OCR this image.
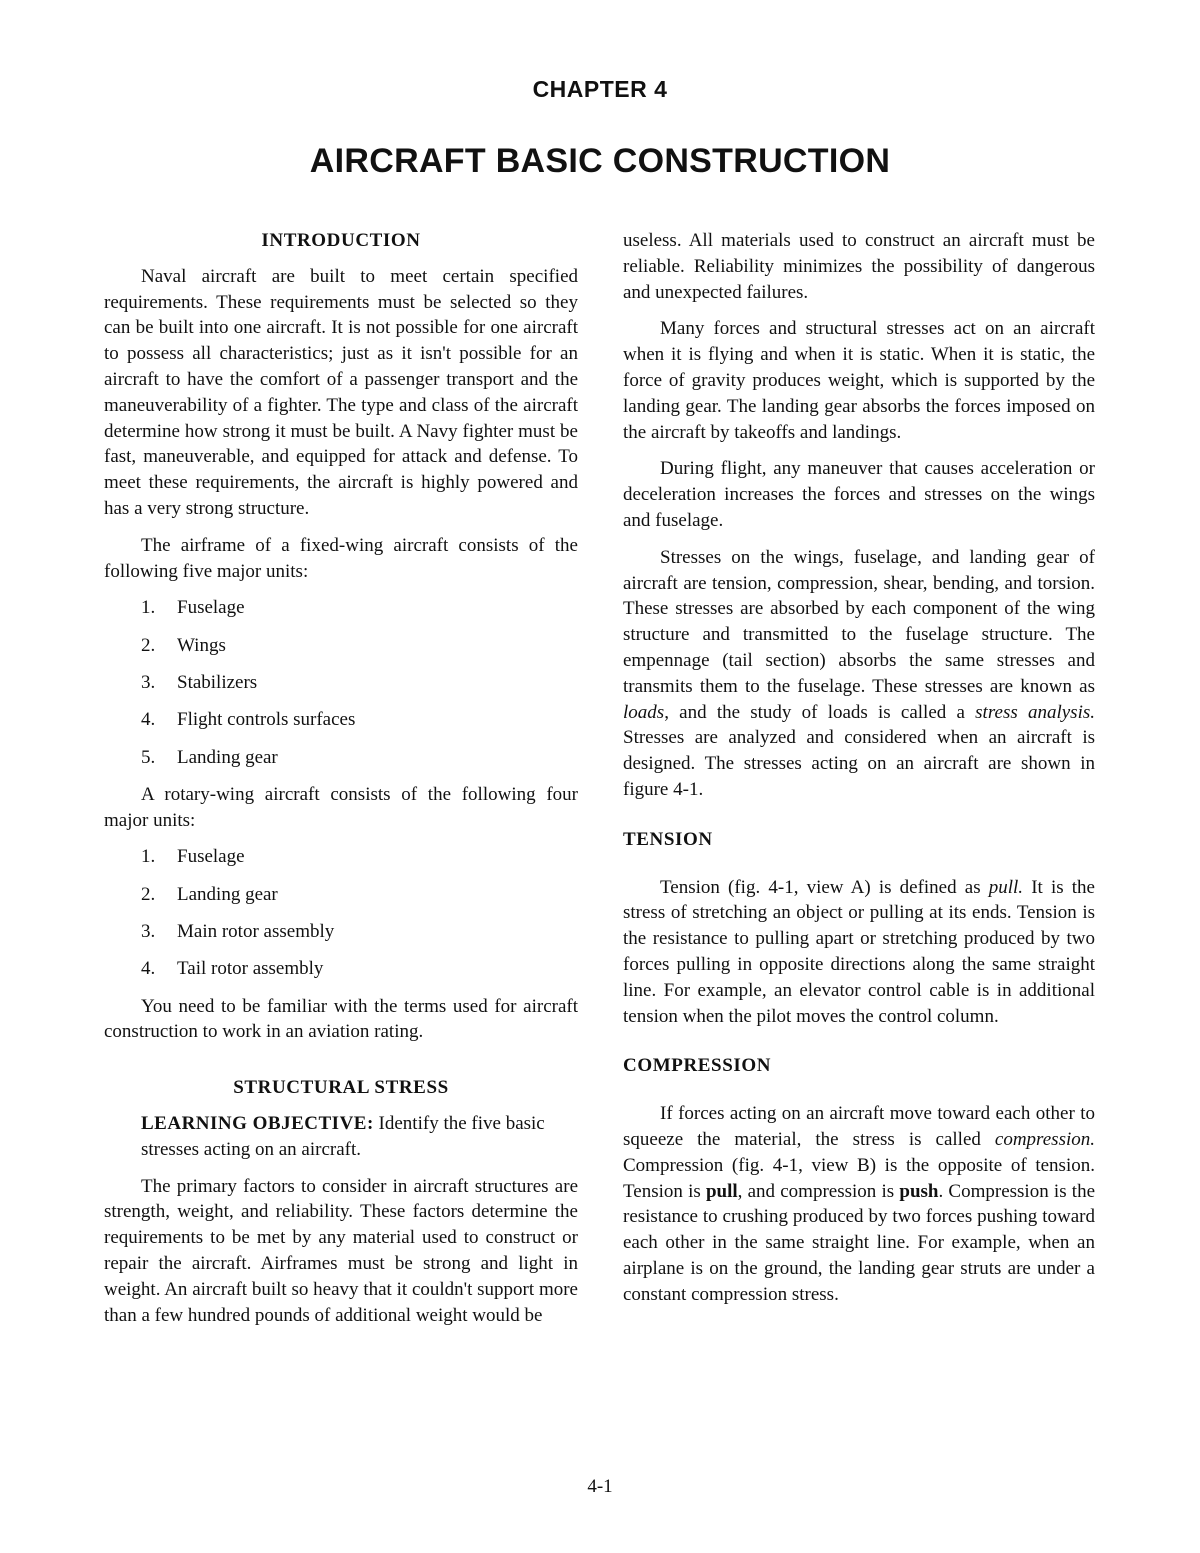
CHAPTER 4
AIRCRAFT BASIC CONSTRUCTION
INTRODUCTION

Naval aircraft are built to meet certain specified requirements. These requirements must be selected so they can be built into one aircraft. It is not possible for one aircraft to possess all characteristics; just as it isn't possible for an aircraft to have the comfort of a passenger transport and the maneuverability of a fighter. The type and class of the aircraft determine how strong it must be built. A Navy fighter must be fast, maneuverable, and equipped for attack and defense. To meet these requirements, the aircraft is highly powered and has a very strong structure.

The airframe of a fixed-wing aircraft consists of the following five major units:

1. Fuselage
2. Wings
3. Stabilizers
4. Flight controls surfaces
5. Landing gear

A rotary-wing aircraft consists of the following four major units:

1. Fuselage
2. Landing gear
3. Main rotor assembly
4. Tail rotor assembly

You need to be familiar with the terms used for aircraft construction to work in an aviation rating.

STRUCTURAL STRESS
LEARNING OBJECTIVE: Identify the five basic stresses acting on an aircraft.

The primary factors to consider in aircraft structures are strength, weight, and reliability. These factors determine the requirements to be met by any material used to construct or repair the aircraft. Airframes must be strong and light in weight. An aircraft built so heavy that it couldn't support more than a few hundred pounds of additional weight would be

useless. All materials used to construct an aircraft must be reliable. Reliability minimizes the possibility of dangerous and unexpected failures.

Many forces and structural stresses act on an aircraft when it is flying and when it is static. When it is static, the force of gravity produces weight, which is supported by the landing gear. The landing gear absorbs the forces imposed on the aircraft by takeoffs and landings.

During flight, any maneuver that causes acceleration or deceleration increases the forces and stresses on the wings and fuselage.

Stresses on the wings, fuselage, and landing gear of aircraft are tension, compression, shear, bending, and torsion. These stresses are absorbed by each component of the wing structure and transmitted to the fuselage structure. The empennage (tail section) absorbs the same stresses and transmits them to the fuselage. These stresses are known as loads, and the study of loads is called a stress analysis. Stresses are analyzed and considered when an aircraft is designed. The stresses acting on an aircraft are shown in figure 4-1.

TENSION

Tension (fig. 4-1, view A) is defined as pull. It is the stress of stretching an object or pulling at its ends. Tension is the resistance to pulling apart or stretching produced by two forces pulling in opposite directions along the same straight line. For example, an elevator control cable is in additional tension when the pilot moves the control column.

COMPRESSION

If forces acting on an aircraft move toward each other to squeeze the material, the stress is called compression. Compression (fig. 4-1, view B) is the opposite of tension. Tension is pull, and compression is push. Compression is the resistance to crushing produced by two forces pushing toward each other in the same straight line. For example, when an airplane is on the ground, the landing gear struts are under a constant compression stress.

4-1
